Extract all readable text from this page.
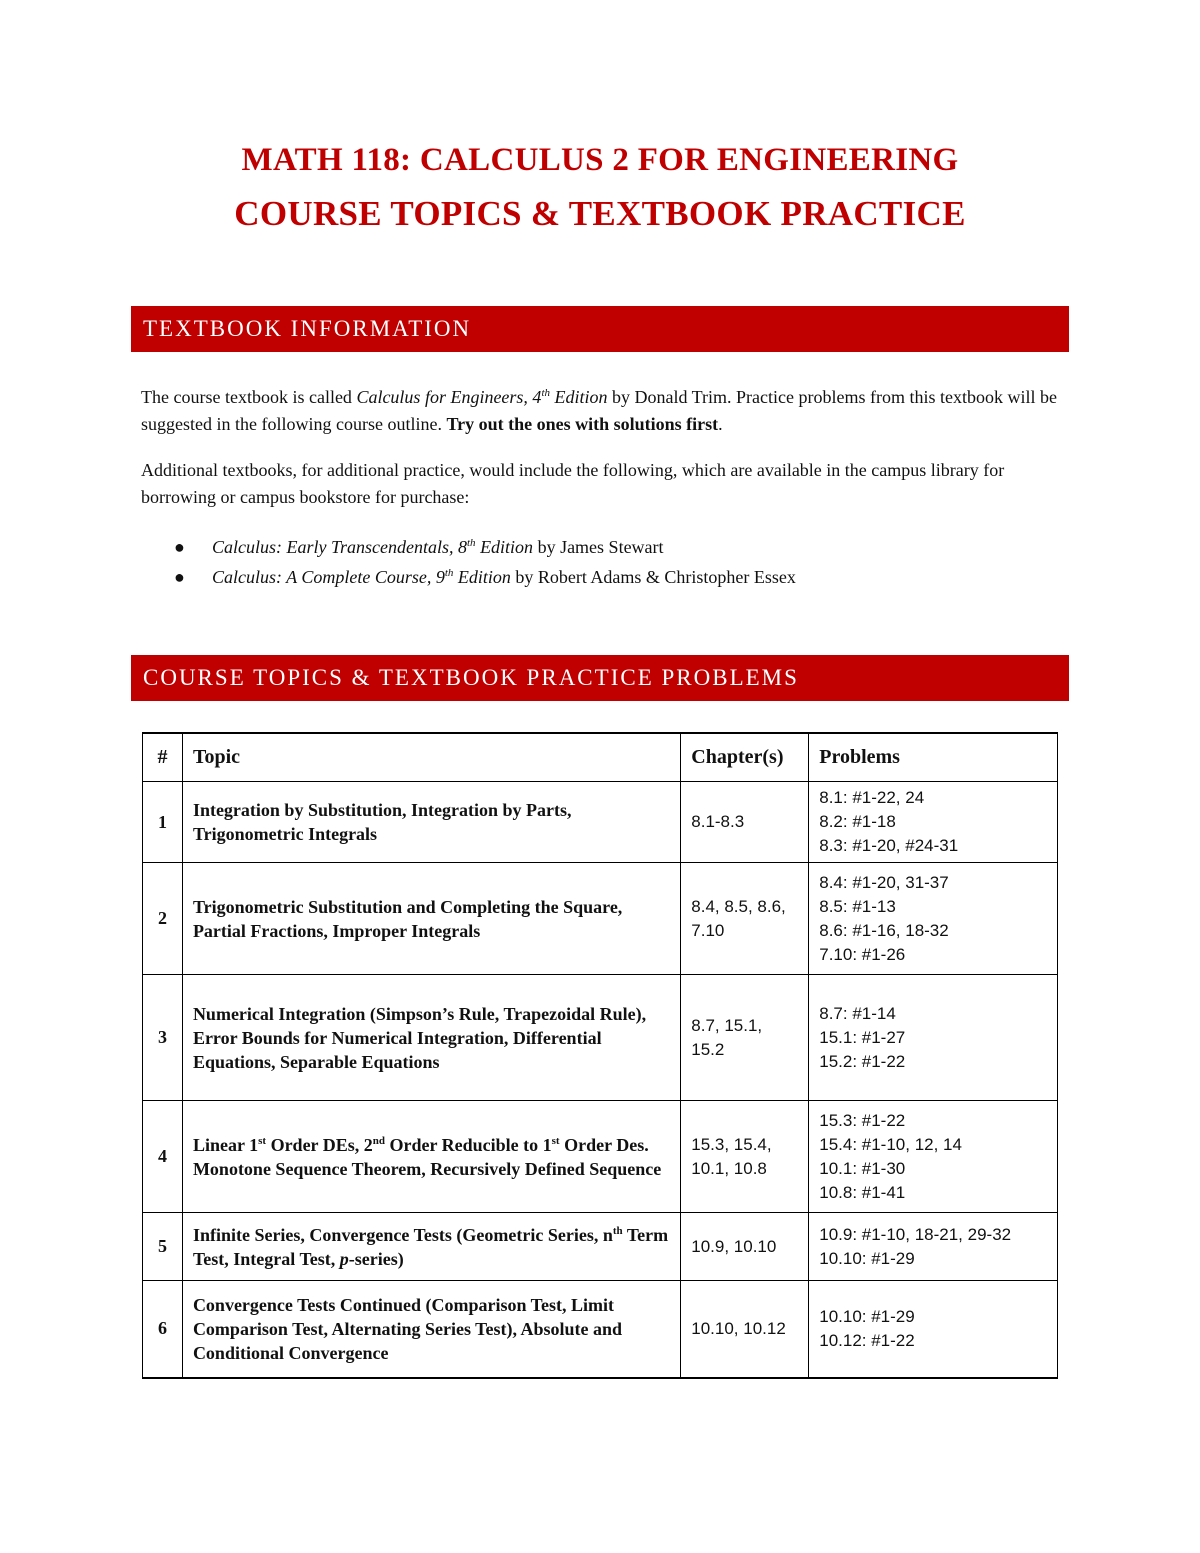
MATH 118: CALCULUS 2 FOR ENGINEERING
COURSE TOPICS & TEXTBOOK PRACTICE
TEXTBOOK INFORMATION

The course textbook is called Calculus for Engineers, 4th Edition by Donald Trim. Practice problems from this textbook will be suggested in the following course outline. Try out the ones with solutions first.

Additional textbooks, for additional practice, would include the following, which are available in the campus library for borrowing or campus bookstore for purchase:

● Calculus: Early Transcendentals, 8th Edition by James Stewart
● Calculus: A Complete Course, 9th Edition by Robert Adams & Christopher Essex
COURSE TOPICS & TEXTBOOK PRACTICE PROBLEMS
#	Topic	Chapter(s)	Problems
1	Integration by Substitution, Integration by Parts, Trigonometric Integrals	8.1-8.3	8.1: #1-22, 24
8.2: #1-18
8.3: #1-20, #24-31

2	Trigonometric Substitution and Completing the Square, Partial Fractions, Improper Integrals	8.4, 8.5, 8.6, 7.10	8.4: #1-20, 31-37
8.5: #1-13
8.6: #1-16, 18-32
7.10: #1-26

3	Numerical Integration (Simpson’s Rule, Trapezoidal Rule), Error Bounds for Numerical Integration, Differential Equations, Separable Equations	8.7, 15.1, 15.2	8.7: #1-14
15.1: #1-27
15.2: #1-22

4	Linear 1st Order DEs, 2nd Order Reducible to 1st Order Des. Monotone Sequence Theorem, Recursively Defined Sequence	15.3, 15.4, 10.1, 10.8	15.3: #1-22
15.4: #1-10, 12, 14
10.1: #1-30
10.8: #1-41

5	Infinite Series, Convergence Tests (Geometric Series, $n^{th}$ Term Test, Integral Test, p-series)	10.9, 10.10	10.9: #1-10, 18-21, 29-32
10.10: #1-29

6	Convergence Tests Continued (Comparison Test, Limit Comparison Test, Alternating Series Test), Absolute and Conditional Convergence	10.10, 10.12	10.10: #1-29
10.12: #1-22
